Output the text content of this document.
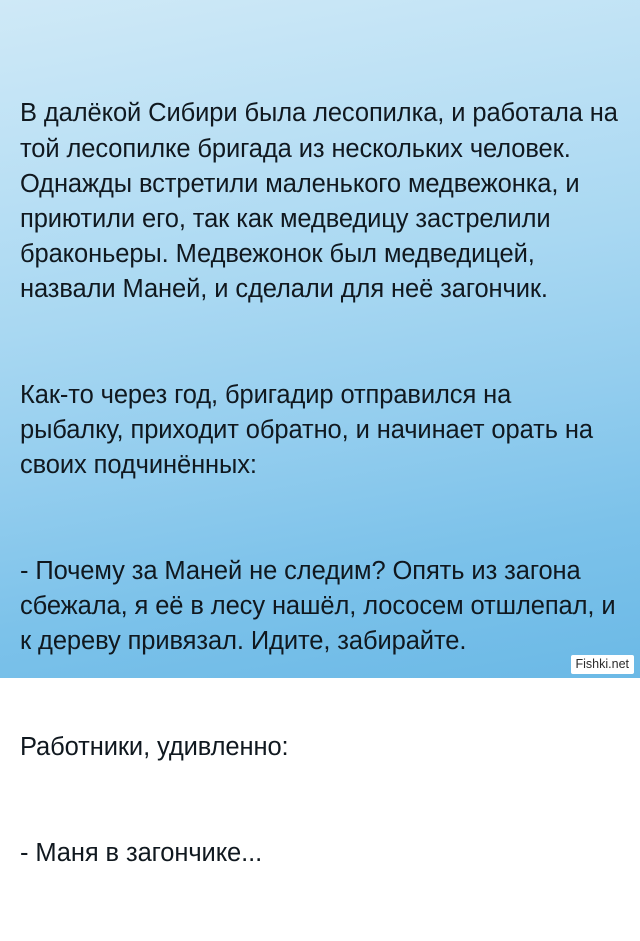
В далёкой Сибири была лесопилка, и работала на той лесопилке бригада из нескольких человек. Однажды встретили маленького медвежонка, и приютили его, так как медведицу застрелили браконьеры. Медвежонок был медведицей, назвали Маней, и сделали для неё загончик.

Как-то через год, бригадир отправился на рыбалку, приходит обратно, и начинает орать на своих подчинённых:

- Почему за Маней не следим? Опять из загона сбежала, я её в лесу нашёл, лососем отшлепал, и к дереву привязал. Идите, забирайте.

Работники, удивленно:

- Маня в загончике...

Fishki.net
